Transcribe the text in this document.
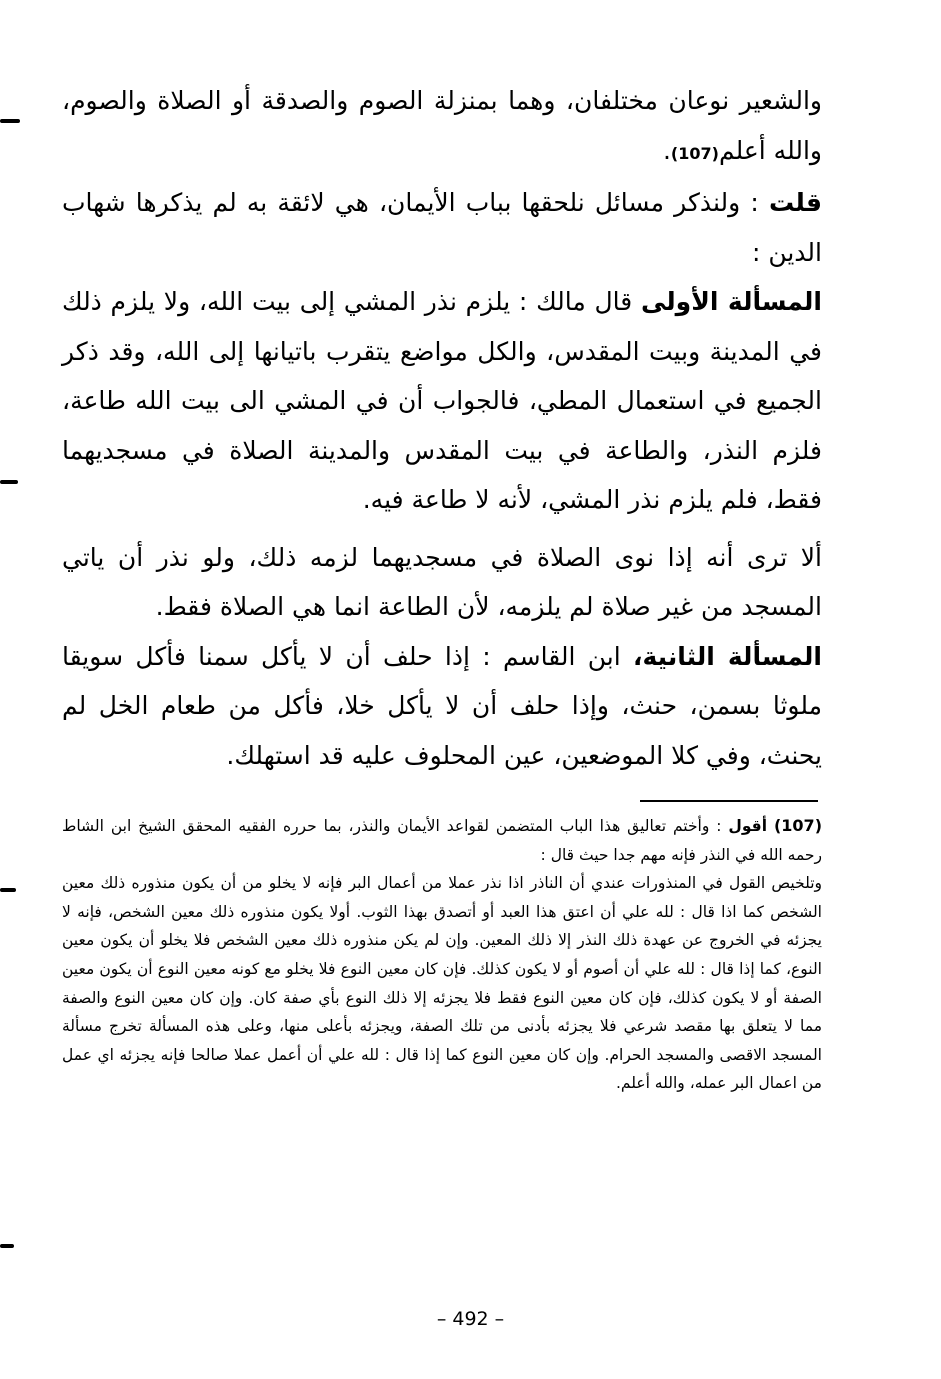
والشعير نوعان مختلفان، وهما بمنزلة الصوم والصدقة أو الصلاة والصوم، والله أعلم(107).

قلت : ولنذكر مسائل نلحقها بباب الأيمان، هي لائقة به لم يذكرها شهاب الدين :

المسألة الأولى قال مالك : يلزم نذر المشي إلى بيت الله، ولا يلزم ذلك في المدينة وبيت المقدس، والكل مواضع يتقرب باتيانها إلى الله، وقد ذكر الجميع في استعمال المطي، فالجواب أن في المشي الى بيت الله طاعة، فلزم النذر، والطاعة في بيت المقدس والمدينة الصلاة في مسجديهما فقط، فلم يلزم نذر المشي، لأنه لا طاعة فيه.

ألا ترى أنه إذا نوى الصلاة في مسجديهما لزمه ذلك، ولو نذر أن ياتي المسجد من غير صلاة لم يلزمه، لأن الطاعة انما هي الصلاة فقط.

المسألة الثانية، ابن القاسم : إذا حلف أن لا يأكل سمنا فأكل سويقا ملوثا بسمن، حنث، وإذا حلف أن لا يأكل خلا، فأكل من طعام الخل لم يحنث، وفي كلا الموضعين، عين المحلوف عليه قد استهلك.

(107) أقول : وأختم تعاليق هذا الباب المتضمن لقواعد الأيمان والنذر، بما حرره الفقيه المحقق الشيخ ابن الشاط رحمه الله في النذر فإنه مهم جدا حيث قال :

وتلخيص القول في المنذورات عندي أن الناذر اذا نذر عملا من أعمال البر فإنه لا يخلو من أن يكون منذوره ذلك معين الشخص كما اذا قال : لله علي أن اعتق هذا العبد أو أتصدق بهذا الثوب. أولا يكون منذوره ذلك معين الشخص، فإنه لا يجزئه في الخروج عن عهدة ذلك النذر إلا ذلك المعين. وإن لم يكن منذوره ذلك معين الشخص فلا يخلو أن يكون معين النوع، كما إذا قال : لله علي أن أصوم أو لا يكون كذلك. فإن كان معين النوع فلا يخلو مع كونه معين النوع أن يكون معين الصفة أو لا يكون كذلك، فإن كان معين النوع فقط فلا يجزئه إلا ذلك النوع بأي صفة كان. وإن كان معين النوع والصفة مما لا يتعلق بها مقصد شرعي فلا يجزئه بأدنى من تلك الصفة، ويجزئه بأعلى منها، وعلى هذه المسألة تخرج مسألة المسجد الاقصى والمسجد الحرام. وإن كان معين النوع كما إذا قال : لله علي أن أعمل عملا صالحا فإنه يجزئه اي عمل من اعمال البر عمله، والله أعلم.

– 492 –
